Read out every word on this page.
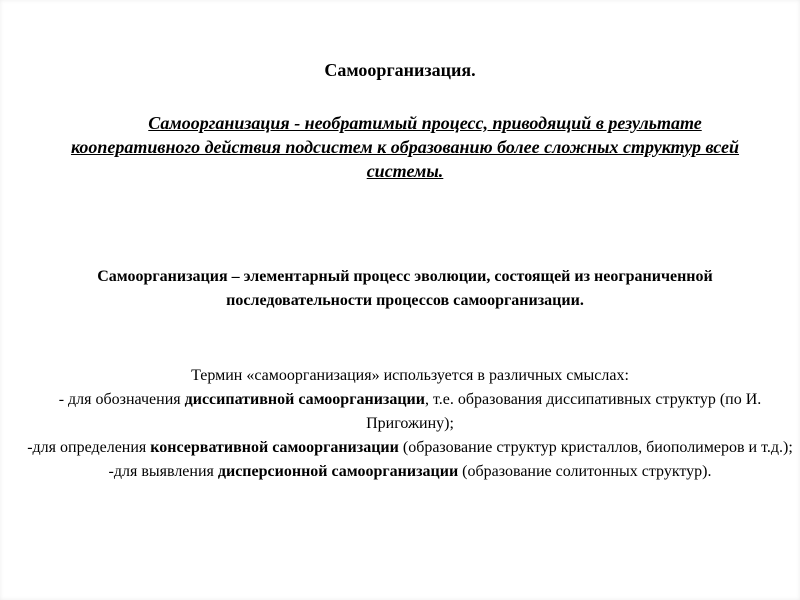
Самоорганизация.
Самоорганизация - необратимый процесс, приводящий в результате кооперативного действия подсистем к образованию более сложных структур всей системы.
Самоорганизация – элементарный процесс эволюции, состоящей из неограниченной последовательности процессов самоорганизации.
Термин «самоорганизация» используется в различных смыслах:
- для обозначения диссипативной самоорганизации, т.е. образования диссипативных структур (по И. Пригожину);
-для определения консервативной самоорганизации (образование структур кристаллов, биополимеров и т.д.);
-для выявления дисперсионной самоорганизации (образование солитонных структур).
